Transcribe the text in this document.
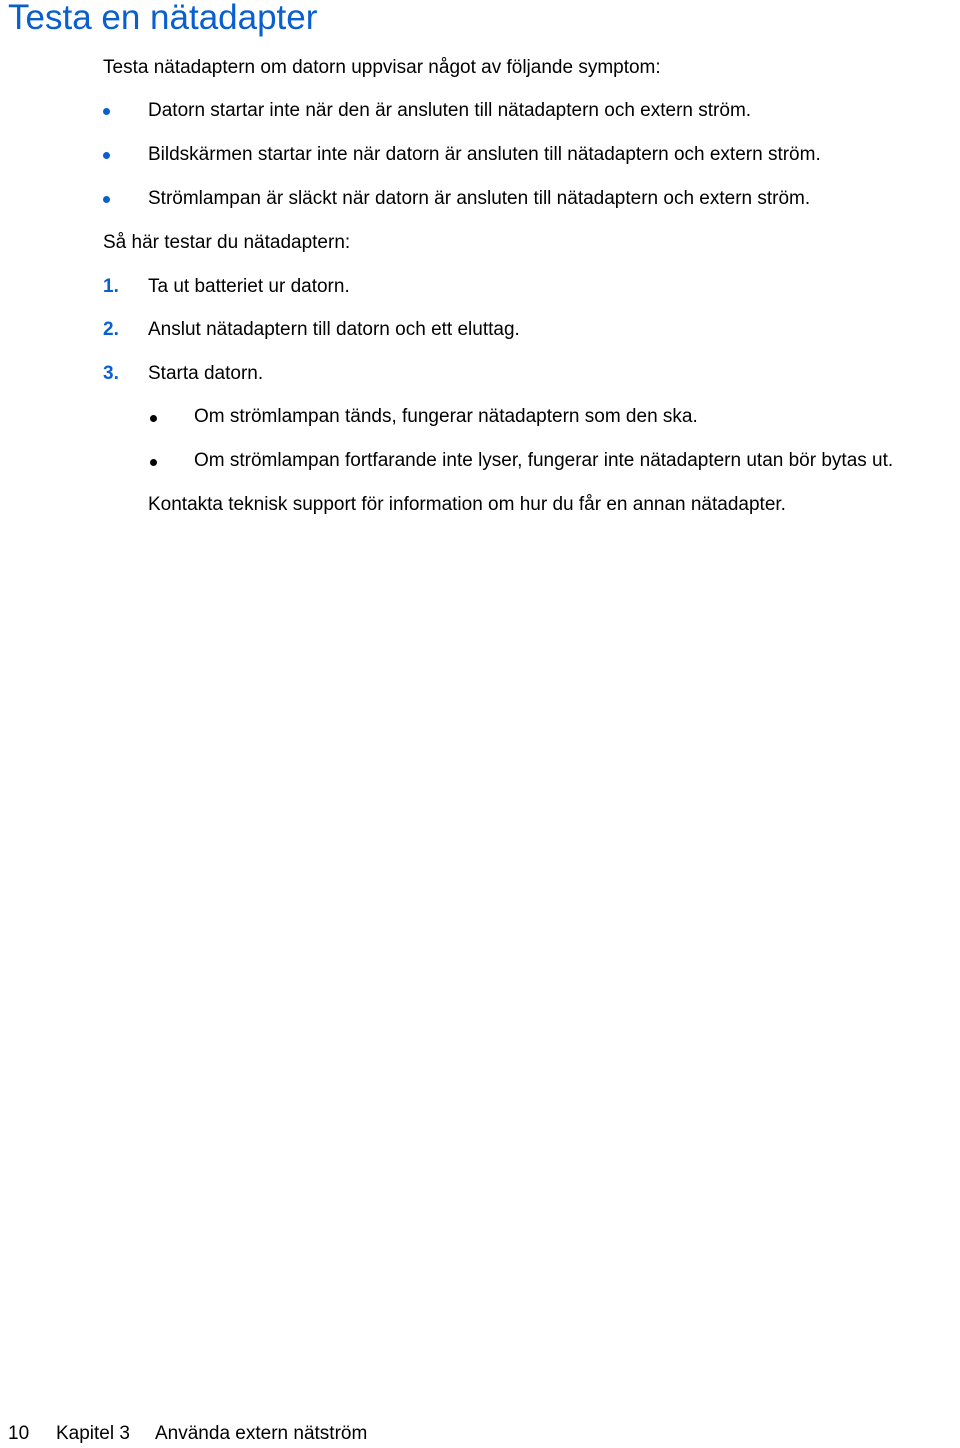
Testa en nätadapter

Testa nätadaptern om datorn uppvisar något av följande symptom:

Datorn startar inte när den är ansluten till nätadaptern och extern ström.

Bildskärmen startar inte när datorn är ansluten till nätadaptern och extern ström.

Strömlampan är släckt när datorn är ansluten till nätadaptern och extern ström.

Så här testar du nätadaptern:

1. Ta ut batteriet ur datorn.

2. Anslut nätadaptern till datorn och ett eluttag.

3. Starta datorn.

Om strömlampan tänds, fungerar nätadaptern som den ska.

Om strömlampan fortfarande inte lyser, fungerar inte nätadaptern utan bör bytas ut.

Kontakta teknisk support för information om hur du får en annan nätadapter.

10 Kapitel 3 Använda extern nätström
